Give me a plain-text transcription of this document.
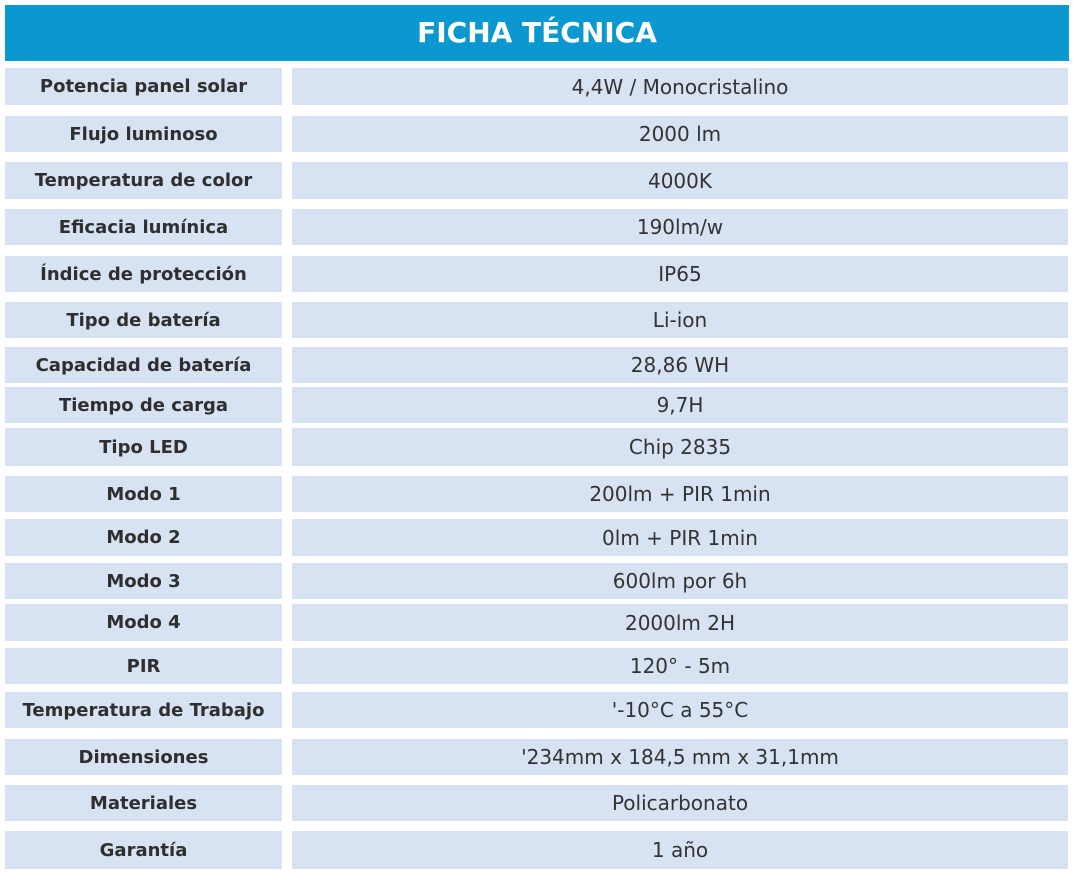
FICHA TÉCNICA
Potencia panel solar	4,4W / Monocristalino
Flujo luminoso	2000 lm
Temperatura de color	4000K
Eficacia lumínica	190lm/w
Índice de protección	IP65
Tipo de batería	Li-ion
Capacidad de batería	28,86 WH
Tiempo de carga	9,7H
Tipo LED	Chip 2835
Modo 1	200lm + PIR 1min
Modo 2	0lm + PIR 1min
Modo 3	600lm por 6h
Modo 4	2000lm 2H
PIR	120° - 5m
Temperatura de Trabajo	'-10°C a 55°C
Dimensiones	'234mm x 184,5 mm x 31,1mm
Materiales	Policarbonato
Garantía	1 año
